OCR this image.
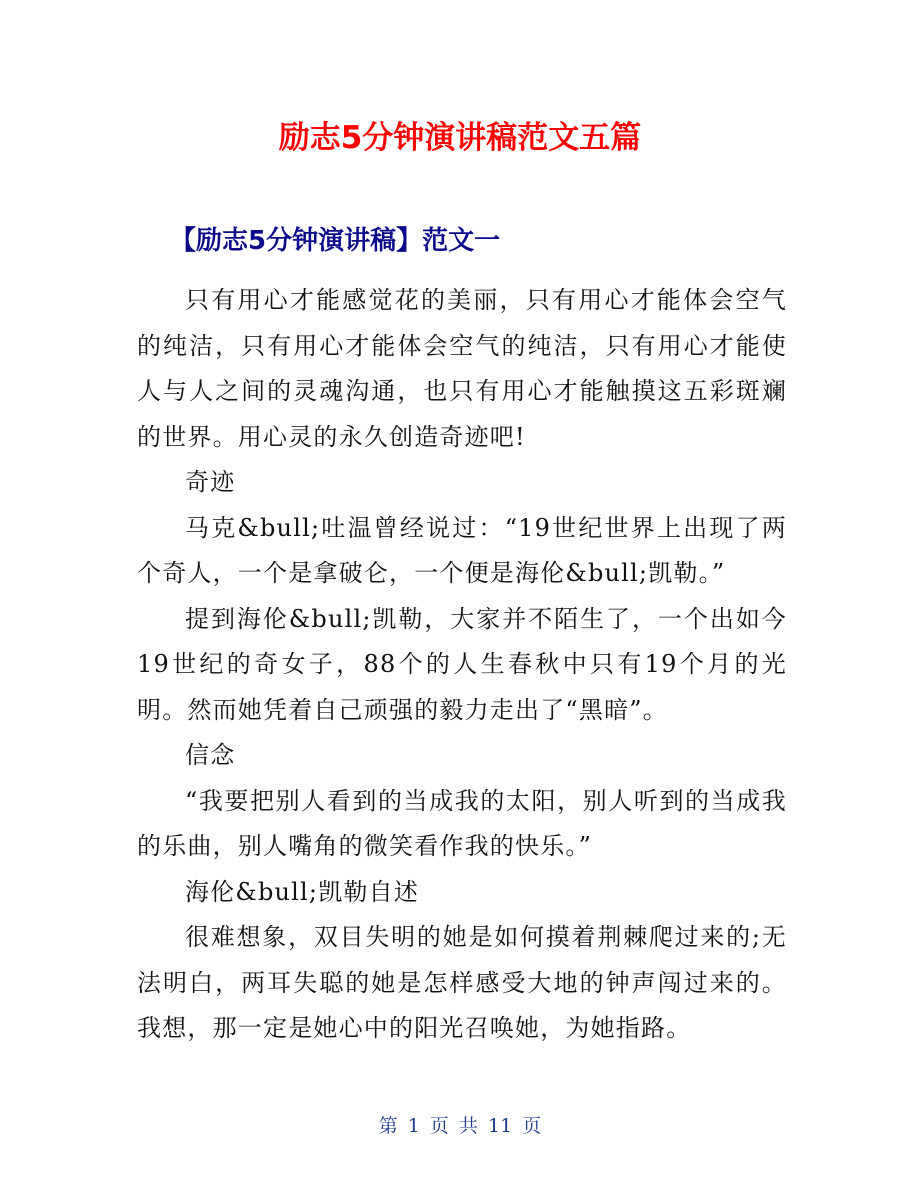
励志5分钟演讲稿范文五篇
【励志5分钟演讲稿】范文一

只有用心才能感觉花的美丽，只有用心才能体会空气的纯洁，只有用心才能体会空气的纯洁，只有用心才能使人与人之间的灵魂沟通，也只有用心才能触摸这五彩斑斓的世界。用心灵的永久创造奇迹吧!

奇迹

马克&bull;吐温曾经说过：“19世纪世界上出现了两个奇人，一个是拿破仑，一个便是海伦&bull;凯勒。”

提到海伦&bull;凯勒，大家并不陌生了，一个出如今19世纪的奇女子，88个的人生春秋中只有19个月的光明。然而她凭着自己顽强的毅力走出了“黑暗”。

信念

“我要把别人看到的当成我的太阳，别人听到的当成我的乐曲，别人嘴角的微笑看作我的快乐。”

海伦&bull;凯勒自述

很难想象，双目失明的她是如何摸着荆棘爬过来的;无法明白，两耳失聪的她是怎样感受大地的钟声闯过来的。我想，那一定是她心中的阳光召唤她，为她指路。

第 1 页 共 11 页
